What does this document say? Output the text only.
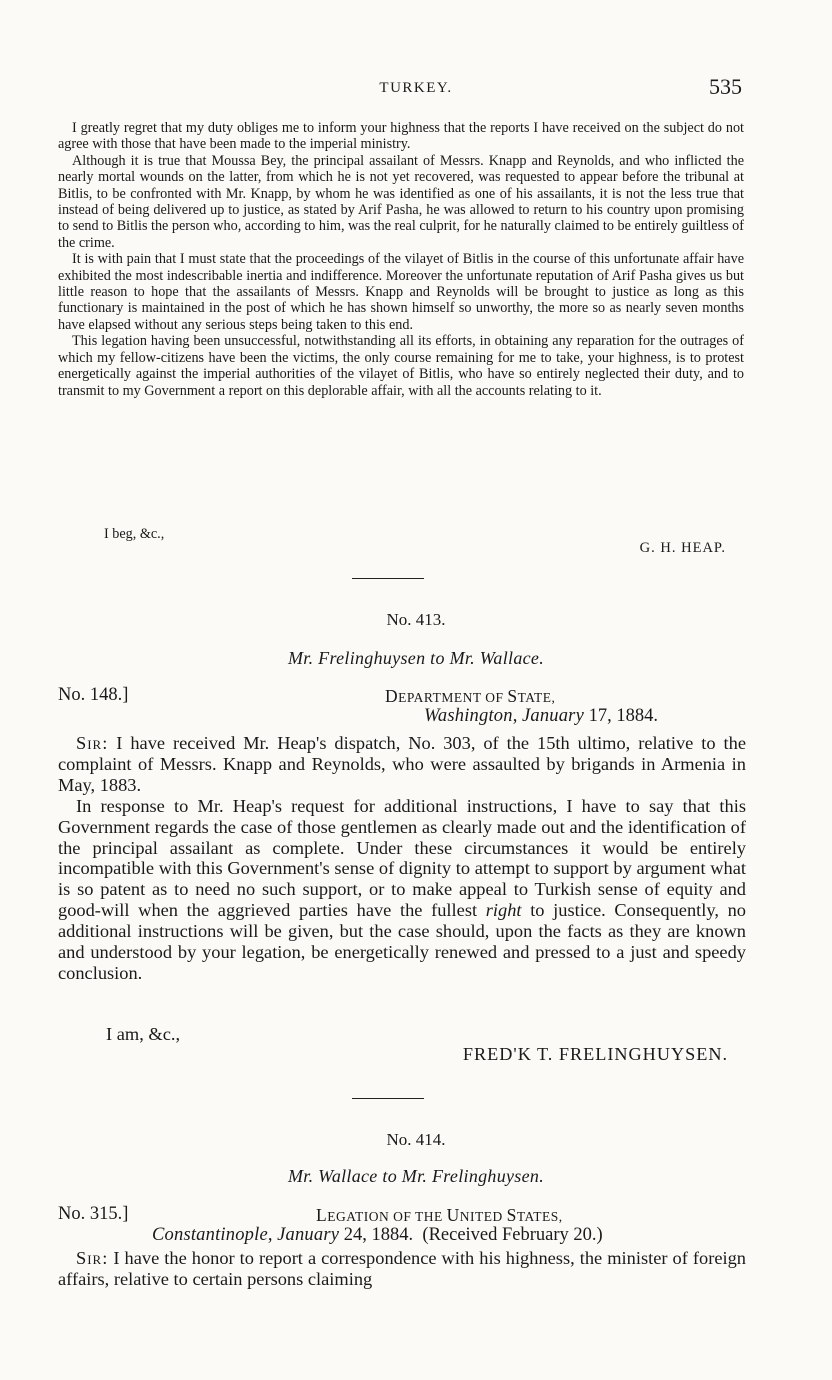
TURKEY.	535

I greatly regret that my duty obliges me to inform your highness that the reports I have received on the subject do not agree with those that have been made to the imperial ministry.

Although it is true that Moussa Bey, the principal assailant of Messrs. Knapp and Reynolds, and who inflicted the nearly mortal wounds on the latter, from which he is not yet recovered, was requested to appear before the tribunal at Bitlis, to be confronted with Mr. Knapp, by whom he was identified as one of his assailants, it is not the less true that instead of being delivered up to justice, as stated by Arif Pasha, he was allowed to return to his country upon promising to send to Bitlis the person who, according to him, was the real culprit, for he naturally claimed to be entirely guiltless of the crime.

It is with pain that I must state that the proceedings of the vilayet of Bitlis in the course of this unfortunate affair have exhibited the most indescribable inertia and indifference. Moreover the unfortunate reputation of Arif Pasha gives us but little reason to hope that the assailants of Messrs. Knapp and Reynolds will be brought to justice as long as this functionary is maintained in the post of which he has shown himself so unworthy, the more so as nearly seven months have elapsed without any serious steps being taken to this end.

This legation having been unsuccessful, notwithstanding all its efforts, in obtaining any reparation for the outrages of which my fellow-citizens have been the victims, the only course remaining for me to take, your highness, is to protest energetically against the imperial authorities of the vilayet of Bitlis, who have so entirely neglected their duty, and to transmit to my Government a report on this deplorable affair, with all the accounts relating to it.

I beg, &c.,
G. H. HEAP.
No. 413.
Mr. Frelinghuysen to Mr. Wallace.
No. 148.]	DEPARTMENT OF STATE,
Washington, January 17, 1884.

Sir: I have received Mr. Heap's dispatch, No. 303, of the 15th ultimo, relative to the complaint of Messrs. Knapp and Reynolds, who were assaulted by brigands in Armenia in May, 1883.

In response to Mr. Heap's request for additional instructions, I have to say that this Government regards the case of those gentlemen as clearly made out and the identification of the principal assailant as complete. Under these circumstances it would be entirely incompatible with this Government's sense of dignity to attempt to support by argument what is so patent as to need no such support, or to make appeal to Turkish sense of equity and good-will when the aggrieved parties have the fullest right to justice. Consequently, no additional instructions will be given, but the case should, upon the facts as they are known and understood by your legation, be energetically renewed and pressed to a just and speedy conclusion.

I am, &c.,
FRED'K T. FRELINGHUYSEN.
No. 414.
Mr. Wallace to Mr. Frelinghuysen.
No. 315.]	LEGATION OF THE UNITED STATES,
Constantinople, January 24, 1884. (Received February 20.)

Sir: I have the honor to report a correspondence with his highness, the minister of foreign affairs, relative to certain persons claiming
